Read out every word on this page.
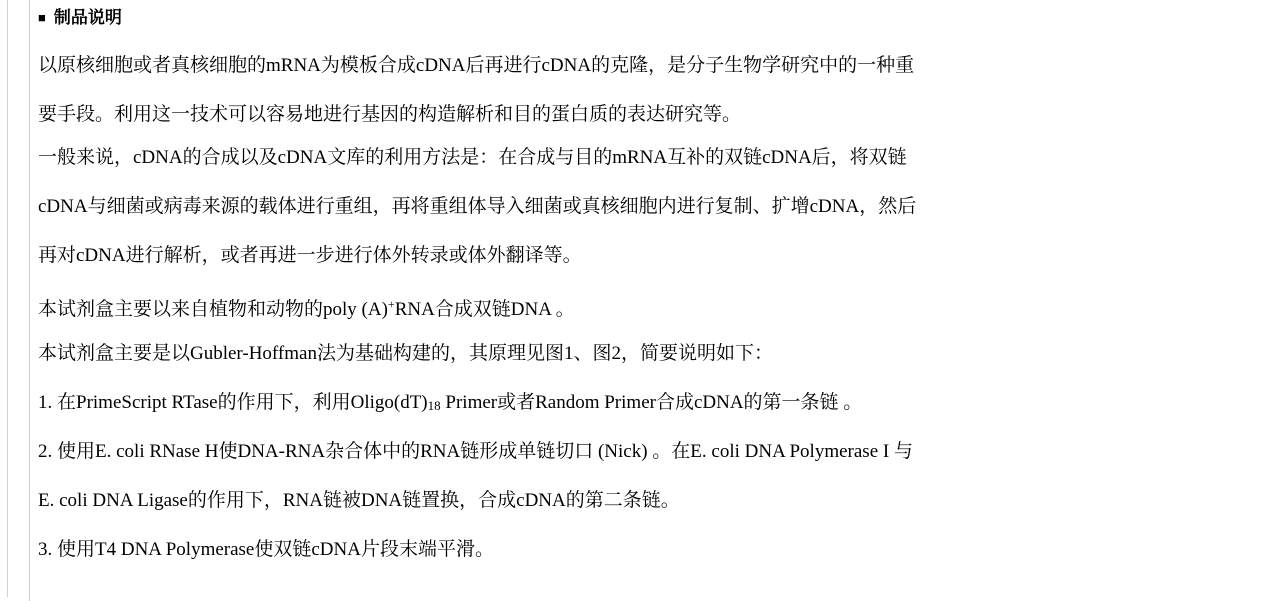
■ 制品说明
以原核细胞或者真核细胞的mRNA为模板合成cDNA后再进行cDNA的克隆，是分子生物学研究中的一种重
要手段。利用这一技术可以容易地进行基因的构造解析和目的蛋白质的表达研究等。
一般来说，cDNA的合成以及cDNA文库的利用方法是：在合成与目的mRNA互补的双链cDNA后，将双链
cDNA与细菌或病毒来源的载体进行重组，再将重组体导入细菌或真核细胞内进行复制、扩增cDNA，然后
再对cDNA进行解析，或者再进一步进行体外转录或体外翻译等。
本试剂盒主要以来自植物和动物的poly (A)+RNA合成双链DNA 。
本试剂盒主要是以Gubler-Hoffman法为基础构建的，其原理见图1、图2，简要说明如下：
1. 在PrimeScript RTase的作用下，利用Oligo(dT)18 Primer或者Random Primer合成cDNA的第一条链 。
2. 使用E. coli RNase H使DNA-RNA杂合体中的RNA链形成单链切口 (Nick) 。在E. coli DNA Polymerase I 与
E. coli DNA Ligase的作用下，RNA链被DNA链置换，合成cDNA的第二条链。
3. 使用T4 DNA Polymerase使双链cDNA片段末端平滑。
